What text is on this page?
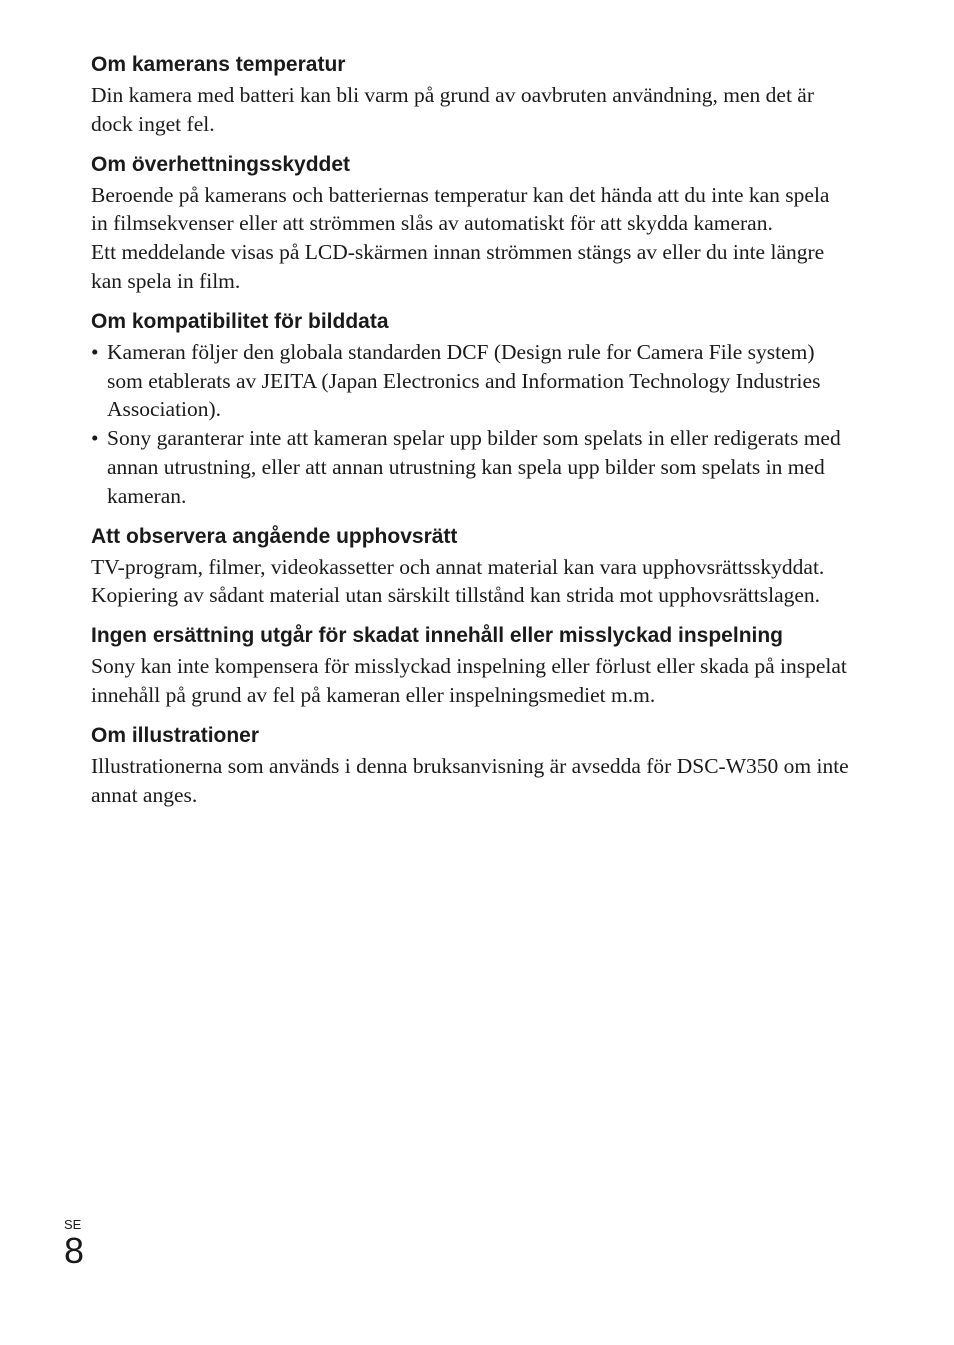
Om kamerans temperatur

Din kamera med batteri kan bli varm på grund av oavbruten användning, men det är dock inget fel.

Om överhettningsskyddet

Beroende på kamerans och batteriernas temperatur kan det hända att du inte kan spela in filmsekvenser eller att strömmen slås av automatiskt för att skydda kameran.

Ett meddelande visas på LCD-skärmen innan strömmen stängs av eller du inte längre kan spela in film.

Om kompatibilitet för bilddata
• Kameran följer den globala standarden DCF (Design rule for Camera File system) som etablerats av JEITA (Japan Electronics and Information Technology Industries Association).
• Sony garanterar inte att kameran spelar upp bilder som spelats in eller redigerats med annan utrustning, eller att annan utrustning kan spela upp bilder som spelats in med kameran.
Att observera angående upphovsrätt

TV-program, filmer, videokassetter och annat material kan vara upphovsrättsskyddat. Kopiering av sådant material utan särskilt tillstånd kan strida mot upphovsrättslagen.

Ingen ersättning utgår för skadat innehåll eller misslyckad inspelning

Sony kan inte kompensera för misslyckad inspelning eller förlust eller skada på inspelat innehåll på grund av fel på kameran eller inspelningsmediet m.m.

Om illustrationer

Illustrationerna som används i denna bruksanvisning är avsedda för DSC-W350 om inte annat anges.

SE
8
